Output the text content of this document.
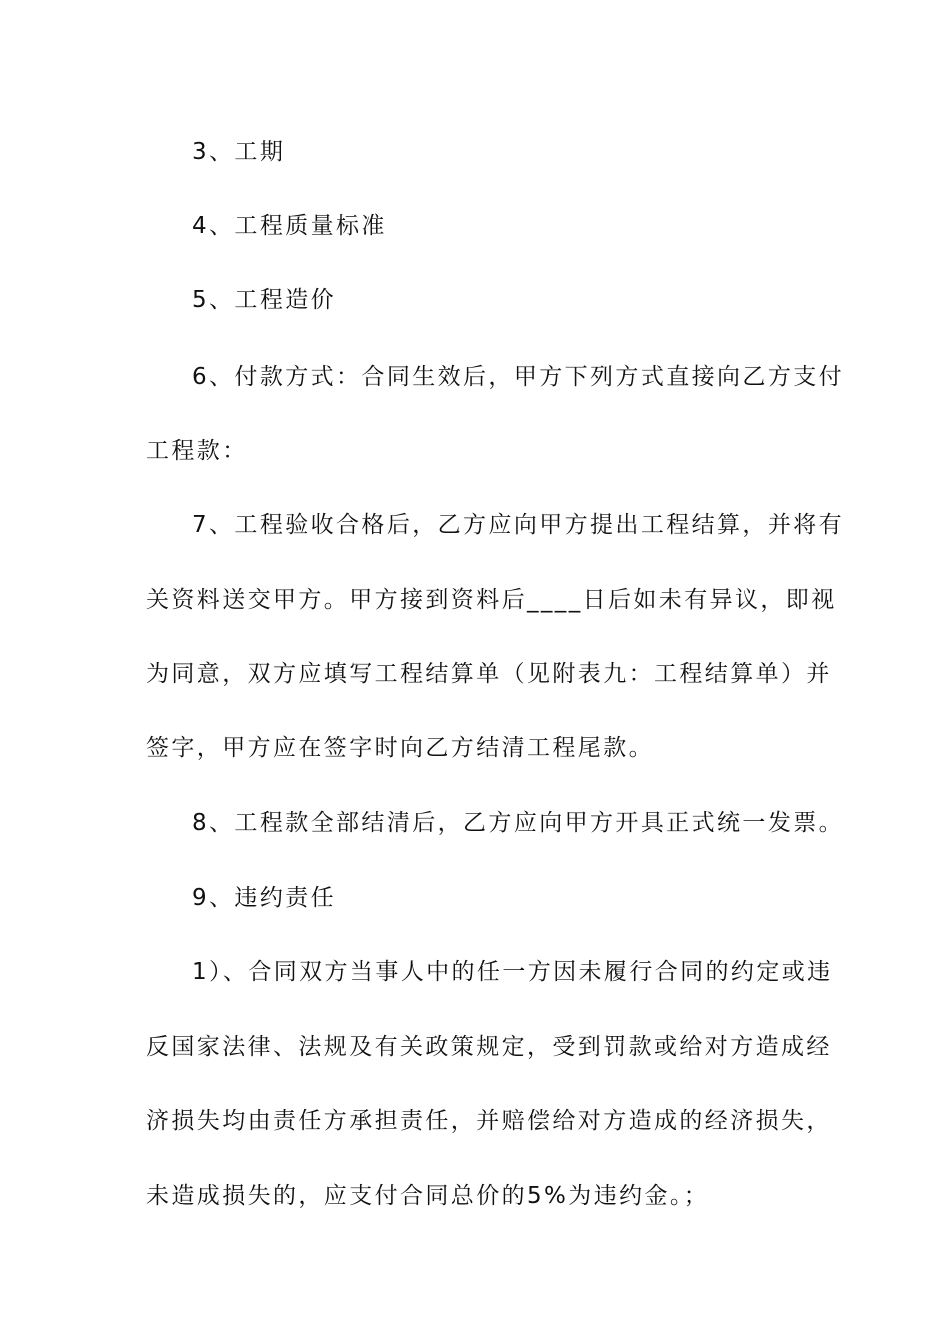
3、工期
4、工程质量标准
5、工程造价
6、付款方式：合同生效后，甲方下列方式直接向乙方支付
工程款：
7、工程验收合格后，乙方应向甲方提出工程结算，并将有
关资料送交甲方。甲方接到资料后____日后如未有异议，即视
为同意，双方应填写工程结算单（见附表九：工程结算单）并
签字，甲方应在签字时向乙方结清工程尾款。
8、工程款全部结清后，乙方应向甲方开具正式统一发票。
9、违约责任
1）、合同双方当事人中的任一方因未履行合同的约定或违
反国家法律、法规及有关政策规定，受到罚款或给对方造成经
济损失均由责任方承担责任，并赔偿给对方造成的经济损失，
未造成损失的，应支付合同总价的5%为违约金。；
